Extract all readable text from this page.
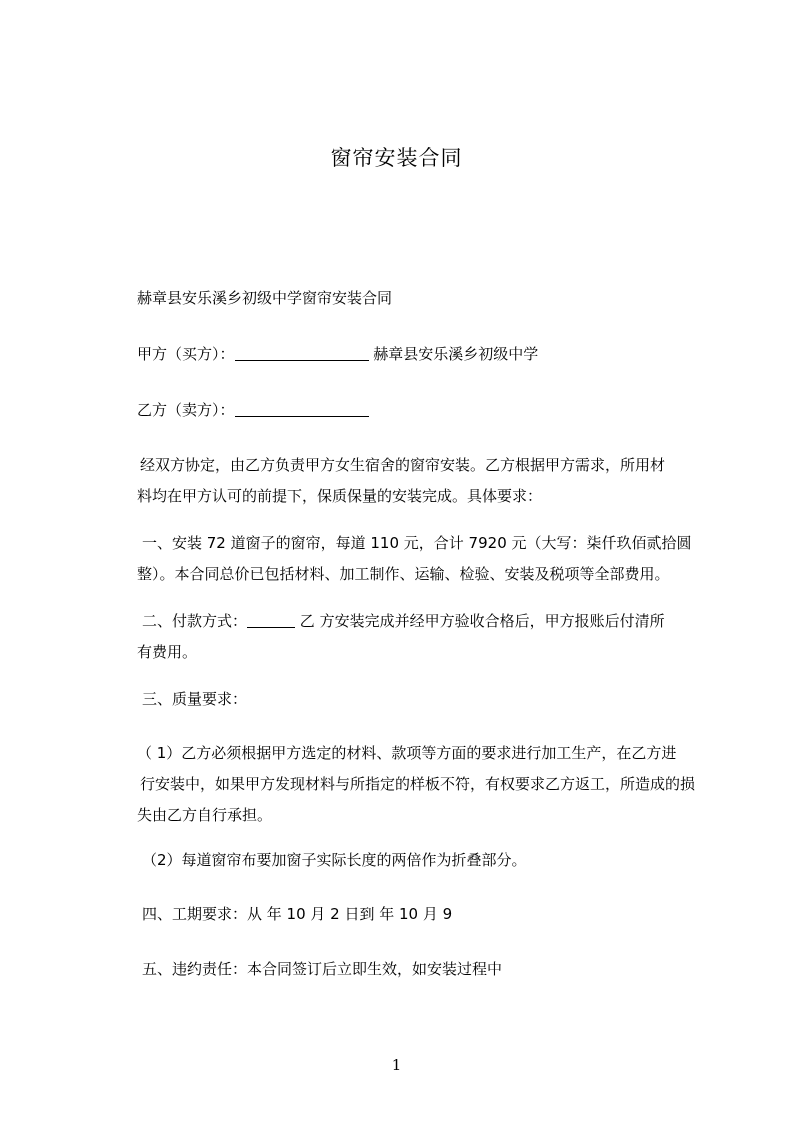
窗帘安装合同
赫章县安乐溪乡初级中学窗帘安装合同
甲方（买方）：	赫章县安乐溪乡初级中学
乙方（卖方）：
经双方协定，由乙方负责甲方女生宿舍的窗帘安装。乙方根据甲方需求，所用材
料均在甲方认可的前提下，保质保量的安装完成。具体要求：
一、安装 72 道窗子的窗帘，每道 110 元，合计 7920 元（大写：柒仟玖佰贰拾圆
整）。本合同总价已包括材料、加工制作、运输、检验、安装及税项等全部费用。
二、付款方式：	乙 方安装完成并经甲方验收合格后，甲方报账后付清所
有费用。
三、质量要求：
（ 1）乙方必须根据甲方选定的材料、款项等方面的要求进行加工生产，在乙方进
行安装中，如果甲方发现材料与所指定的样板不符，有权要求乙方返工，所造成的损
失由乙方自行承担。
（2）每道窗帘布要加窗子实际长度的两倍作为折叠部分。
四、工期要求：从 年 10 月 2 日到 年 10 月 9
五、违约责任：本合同签订后立即生效，如安装过程中
1
